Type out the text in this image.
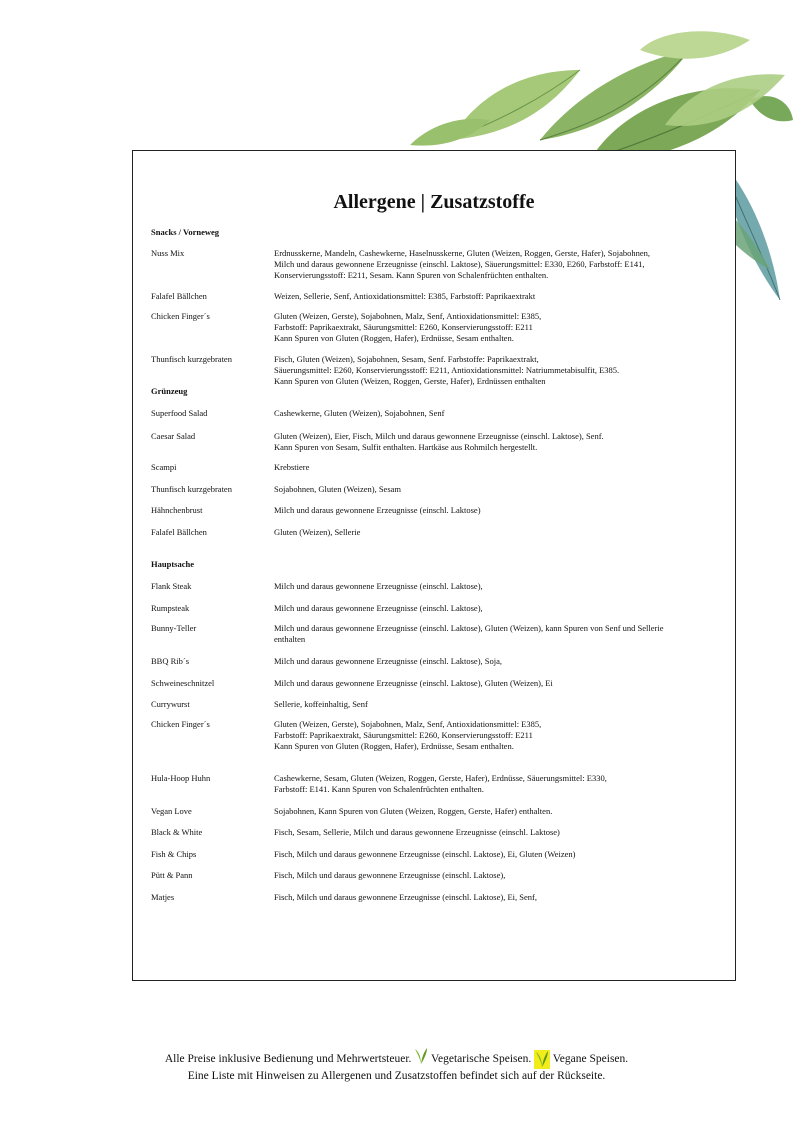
Allergene | Zusatzstoffe
Snacks / Vorneweg
Nuss Mix	Erdnusskerne, Mandeln, Cashewkerne, Haselnusskerne, Gluten (Weizen, Roggen, Gerste, Hafer), Sojabohnen,
Milch und daraus gewonnene Erzeugnisse (einschl. Laktose), Säuerungsmittel: E330, E260, Farbstoff: E141,
Konservierungsstoff: E211, Sesam. Kann Spuren von Schalenfrüchten enthalten.
Falafel Bällchen	Weizen, Sellerie, Senf, Antioxidationsmittel: E385, Farbstoff: Paprikaextrakt
Chicken Finger´s	Gluten (Weizen, Gerste), Sojabohnen, Malz, Senf, Antioxidationsmittel: E385,
Farbstoff: Paprikaextrakt, Säurungsmittel: E260, Konservierungsstoff: E211
Kann Spuren von Gluten (Roggen, Hafer), Erdnüsse, Sesam enthalten.
Thunfisch kurzgebraten	Fisch, Gluten (Weizen), Sojabohnen, Sesam, Senf. Farbstoffe: Paprikaextrakt,
Säuerungsmittel: E260, Konservierungsstoff: E211, Antioxidationsmittel: Natriummetabisulfit, E385.
Kann Spuren von Gluten (Weizen, Roggen, Gerste, Hafer), Erdnüssen enthalten
Grünzeug
Superfood Salad	Cashewkerne, Gluten (Weizen), Sojabohnen, Senf
Caesar Salad	Gluten (Weizen), Eier, Fisch, Milch und daraus gewonnene Erzeugnisse (einschl. Laktose), Senf.
Kann Spuren von Sesam, Sulfit enthalten. Hartkäse aus Rohmilch hergestellt.
Scampi	Krebstiere
Thunfisch kurzgebraten	Sojabohnen, Gluten (Weizen), Sesam
Hähnchenbrust	Milch und daraus gewonnene Erzeugnisse (einschl. Laktose)
Falafel Bällchen	Gluten (Weizen), Sellerie
Hauptsache
Flank Steak	Milch und daraus gewonnene Erzeugnisse (einschl. Laktose),
Rumpsteak	Milch und daraus gewonnene Erzeugnisse (einschl. Laktose),
Bunny-Teller	Milch und daraus gewonnene Erzeugnisse (einschl. Laktose), Gluten (Weizen), kann Spuren von Senf und Sellerie
enthalten
BBQ Rib´s	Milch und daraus gewonnene Erzeugnisse (einschl. Laktose), Soja,
Schweineschnitzel	Milch und daraus gewonnene Erzeugnisse (einschl. Laktose), Gluten (Weizen), Ei
Currywurst	Sellerie, koffeinhaltig, Senf
Chicken Finger´s	Gluten (Weizen, Gerste), Sojabohnen, Malz, Senf, Antioxidationsmittel: E385,
Farbstoff: Paprikaextrakt, Säurungsmittel: E260, Konservierungsstoff: E211
Kann Spuren von Gluten (Roggen, Hafer), Erdnüsse, Sesam enthalten.
Hula-Hoop Huhn	Cashewkerne, Sesam, Gluten (Weizen, Roggen, Gerste, Hafer), Erdnüsse, Säuerungsmittel: E330,
Farbstoff: E141. Kann Spuren von Schalenfrüchten enthalten.
Vegan Love	Sojabohnen, Kann Spuren von Gluten (Weizen, Roggen, Gerste, Hafer) enthalten.
Black & White	Fisch, Sesam, Sellerie, Milch und daraus gewonnene Erzeugnisse (einschl. Laktose)
Fish & Chips	Fisch, Milch und daraus gewonnene Erzeugnisse (einschl. Laktose), Ei, Gluten (Weizen)
Pütt & Pann	Fisch, Milch und daraus gewonnene Erzeugnisse (einschl. Laktose),
Matjes	Fisch, Milch und daraus gewonnene Erzeugnisse (einschl. Laktose), Ei, Senf,
Alle Preise inklusive Bedienung und Mehrwertsteuer. Vegetarische Speisen. Vegane Speisen.
Eine Liste mit Hinweisen zu Allergenen und Zusatzstoffen befindet sich auf der Rückseite.
